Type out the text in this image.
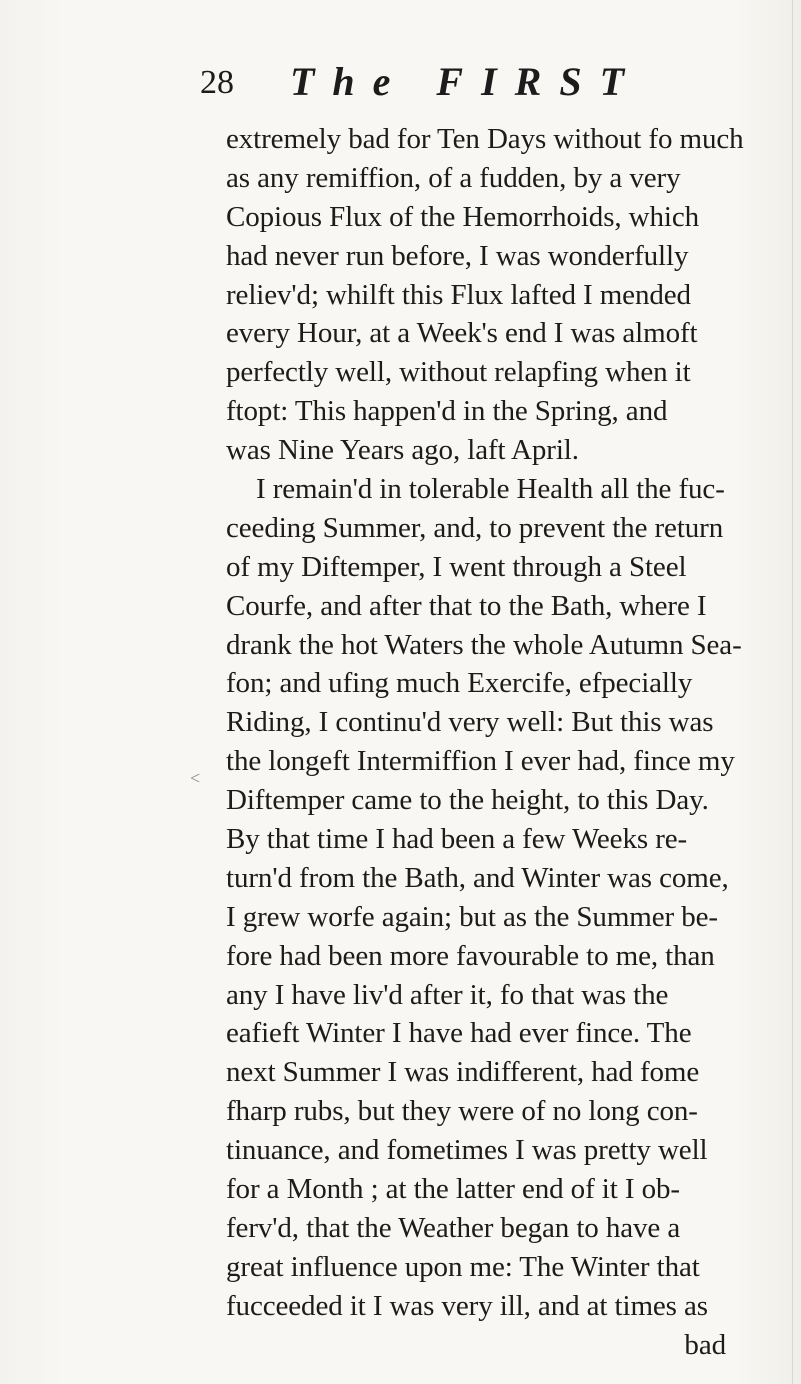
28 The FIRST
<
extremely bad for Ten Days without fo much
as any remiffion, of a fudden, by a very
Copious Flux of the Hemorrhoids, which
had never run before, I was wonderfully
reliev'd; whilft this Flux lafted I mended
every Hour, at a Week's end I was almoft
perfectly well, without relapfing when it
ftopt: This happen'd in the Spring, and
was Nine Years ago, laft April.
I remain'd in tolerable Health all the fuc-
ceeding Summer, and, to prevent the return
of my Diftemper, I went through a Steel
Courfe, and after that to the Bath, where I
drank the hot Waters the whole Autumn Sea-
fon; and ufing much Exercife, efpecially
Riding, I continu'd very well: But this was
the longeft Intermiffion I ever had, fince my
Diftemper came to the height, to this Day.
By that time I had been a few Weeks re-
turn'd from the Bath, and Winter was come,
I grew worfe again; but as the Summer be-
fore had been more favourable to me, than
any I have liv'd after it, fo that was the
eafieft Winter I have had ever fince. The
next Summer I was indifferent, had fome
fharp rubs, but they were of no long con-
tinuance, and fometimes I was pretty well
for a Month ; at the latter end of it I ob-
ferv'd, that the Weather began to have a
great influence upon me: The Winter that
fucceeded it I was very ill, and at times as
bad
